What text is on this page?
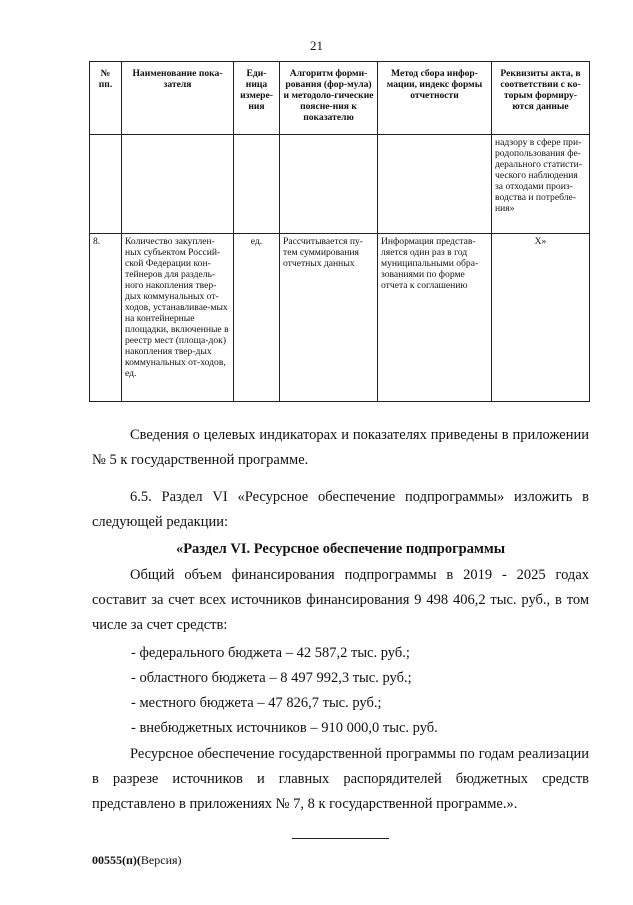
21
№ пп.	Наименование пока-зателя	Еди-ница измере-ния	Алгоритм форми-рования (фор-мула) и методоло-гические поясне-ния к показателю	Метод сбора инфор-мации, индекс формы отчетности	Реквизиты акта, в соответствии с ко-торым формиру-ются данные
					надзору в сфере при-родопользования фе-дерального статисти-ческого наблюдения за отходами произ-водства и потребле-ния»
8.	Количество закуплен-ных субъектом Россий-ской Федерации кон-тейнеров для раздель-ного накопления твер-дых коммунальных от-ходов, устанавливае-мых на контейнерные площадки, включенные в реестр мест (площа-док) накопления твер-дых коммунальных от-ходов, ед.	ед.	Рассчитывается пу-тем суммирования отчетных данных	Информация представ-ляется один раз в год муниципальными обра-зованиями по форме отчета к соглашению	Х»

Сведения о целевых индикаторах и показателях приведены в приложении № 5 к государственной программе.

6.5. Раздел VI «Ресурсное обеспечение подпрограммы» изложить в следующей редакции:

«Раздел VI. Ресурсное обеспечение подпрограммы

Общий объем финансирования подпрограммы в 2019 - 2025 годах составит за счет всех источников финансирования 9 498 406,2 тыс. руб., в том числе за счет средств:

- федерального бюджета – 42 587,2 тыс. руб.;

- областного бюджета – 8 497 992,3 тыс. руб.;

- местного бюджета – 47 826,7 тыс. руб.;

- внебюджетных источников – 910 000,0 тыс. руб.

Ресурсное обеспечение государственной программы по годам реализации в разрезе источников и главных распорядителей бюджетных средств представлено в приложениях № 7, 8 к государственной программе.».

00555(п)(Версия)
